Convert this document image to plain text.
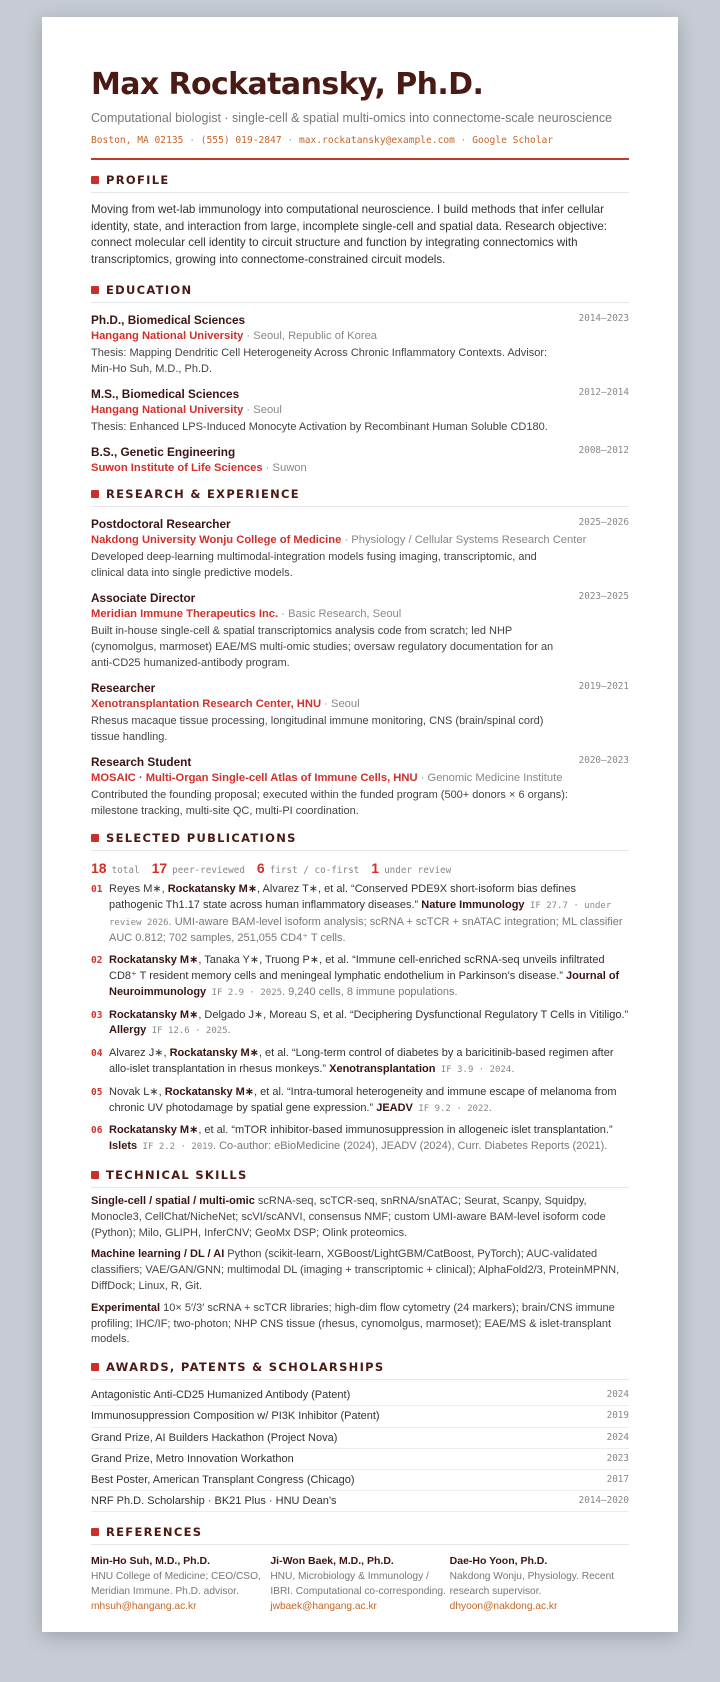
Max Rockatansky, Ph.D.
Computational biologist · single-cell & spatial multi-omics into connectome-scale neuroscience
Boston, MA 02135 · (555) 019-2847 · max.rockatansky@example.com · Google Scholar
PROFILE
Moving from wet-lab immunology into computational neuroscience. I build methods that infer cellular identity, state, and interaction from large, incomplete single-cell and spatial data. Research objective: connect molecular cell identity to circuit structure and function by integrating connectomics with transcriptomics, growing into connectome-constrained circuit models.
EDUCATION
Ph.D., Biomedical Sciences	2014–2023
Hangang National University · Seoul, Republic of Korea
Thesis: Mapping Dendritic Cell Heterogeneity Across Chronic Inflammatory Contexts. Advisor: Min-Ho Suh, M.D., Ph.D.
M.S., Biomedical Sciences	2012–2014
Hangang National University · Seoul
Thesis: Enhanced LPS-Induced Monocyte Activation by Recombinant Human Soluble CD180.
B.S., Genetic Engineering	2008–2012
Suwon Institute of Life Sciences · Suwon
RESEARCH & EXPERIENCE
Postdoctoral Researcher	2025–2026
Nakdong University Wonju College of Medicine · Physiology / Cellular Systems Research Center
Developed deep-learning multimodal-integration models fusing imaging, transcriptomic, and clinical data into single predictive models.
Associate Director	2023–2025
Meridian Immune Therapeutics Inc. · Basic Research, Seoul
Built in-house single-cell & spatial transcriptomics analysis code from scratch; led NHP (cynomolgus, marmoset) EAE/MS multi-omic studies; oversaw regulatory documentation for an anti-CD25 humanized-antibody program.
Researcher	2019–2021
Xenotransplantation Research Center, HNU · Seoul
Rhesus macaque tissue processing, longitudinal immune monitoring, CNS (brain/spinal cord) tissue handling.
Research Student	2020–2023
MOSAIC · Multi-Organ Single-cell Atlas of Immune Cells, HNU · Genomic Medicine Institute
Contributed the founding proposal; executed within the funded program (500+ donors × 6 organs): milestone tracking, multi-site QC, multi-PI coordination.
SELECTED PUBLICATIONS
18 total 17 peer-reviewed 6 first / co-first 1 under review
01 Reyes M∗, Rockatansky M∗, Alvarez T∗, et al. “Conserved PDE9X short-isoform bias defines pathogenic Th1.17 state across human inflammatory diseases.” Nature Immunology IF 27.7 · under review 2026. UMI-aware BAM-level isoform analysis; scRNA + scTCR + snATAC integration; ML classifier AUC 0.812; 702 samples, 251,055 CD4⁺ T cells.
02 Rockatansky M∗, Tanaka Y∗, Truong P∗, et al. “Immune cell-enriched scRNA-seq unveils infiltrated CD8⁺ T resident memory cells and meningeal lymphatic endothelium in Parkinson’s disease.” Journal of Neuroimmunology IF 2.9 · 2025. 9,240 cells, 8 immune populations.
03 Rockatansky M∗, Delgado J∗, Moreau S, et al. “Deciphering Dysfunctional Regulatory T Cells in Vitiligo.” Allergy IF 12.6 · 2025.
04 Alvarez J∗, Rockatansky M∗, et al. “Long-term control of diabetes by a baricitinib-based regimen after allo-islet transplantation in rhesus monkeys.” Xenotransplantation IF 3.9 · 2024.
05 Novak L∗, Rockatansky M∗, et al. “Intra-tumoral heterogeneity and immune escape of melanoma from chronic UV photodamage by spatial gene expression.” JEADV IF 9.2 · 2022.
06 Rockatansky M∗, et al. “mTOR inhibitor-based immunosuppression in allogeneic islet transplantation.” Islets IF 2.2 · 2019. Co-author: eBioMedicine (2024), JEADV (2024), Curr. Diabetes Reports (2021).
TECHNICAL SKILLS
Single-cell / spatial / multi-omic scRNA-seq, scTCR-seq, snRNA/snATAC; Seurat, Scanpy, Squidpy, Monocle3, CellChat/NicheNet; scVI/scANVI, consensus NMF; custom UMI-aware BAM-level isoform code (Python); Milo, GLIPH, InferCNV; GeoMx DSP; Olink proteomics.
Machine learning / DL / AI Python (scikit-learn, XGBoost/LightGBM/CatBoost, PyTorch); AUC-validated classifiers; VAE/GAN/GNN; multimodal DL (imaging + transcriptomic + clinical); AlphaFold2/3, ProteinMPNN, DiffDock; Linux, R, Git.
Experimental 10× 5′/3′ scRNA + scTCR libraries; high-dim flow cytometry (24 markers); brain/CNS immune profiling; IHC/IF; two-photon; NHP CNS tissue (rhesus, cynomolgus, marmoset); EAE/MS & islet-transplant models.
AWARDS, PATENTS & SCHOLARSHIPS
Antagonistic Anti-CD25 Humanized Antibody (Patent)	2024
Immunosuppression Composition w/ PI3K Inhibitor (Patent)	2019
Grand Prize, AI Builders Hackathon (Project Nova)	2024
Grand Prize, Metro Innovation Workathon	2023
Best Poster, American Transplant Congress (Chicago)	2017
NRF Ph.D. Scholarship · BK21 Plus · HNU Dean’s	2014–2020
REFERENCES
Min-Ho Suh, M.D., Ph.D.
HNU College of Medicine; CEO/CSO, Meridian Immune. Ph.D. advisor.
mhsuh@hangang.ac.kr
Ji-Won Baek, M.D., Ph.D.
HNU, Microbiology & Immunology / IBRI. Computational co-corresponding.
jwbaek@hangang.ac.kr
Dae-Ho Yoon, Ph.D.
Nakdong Wonju, Physiology. Recent research supervisor.
dhyoon@nakdong.ac.kr
